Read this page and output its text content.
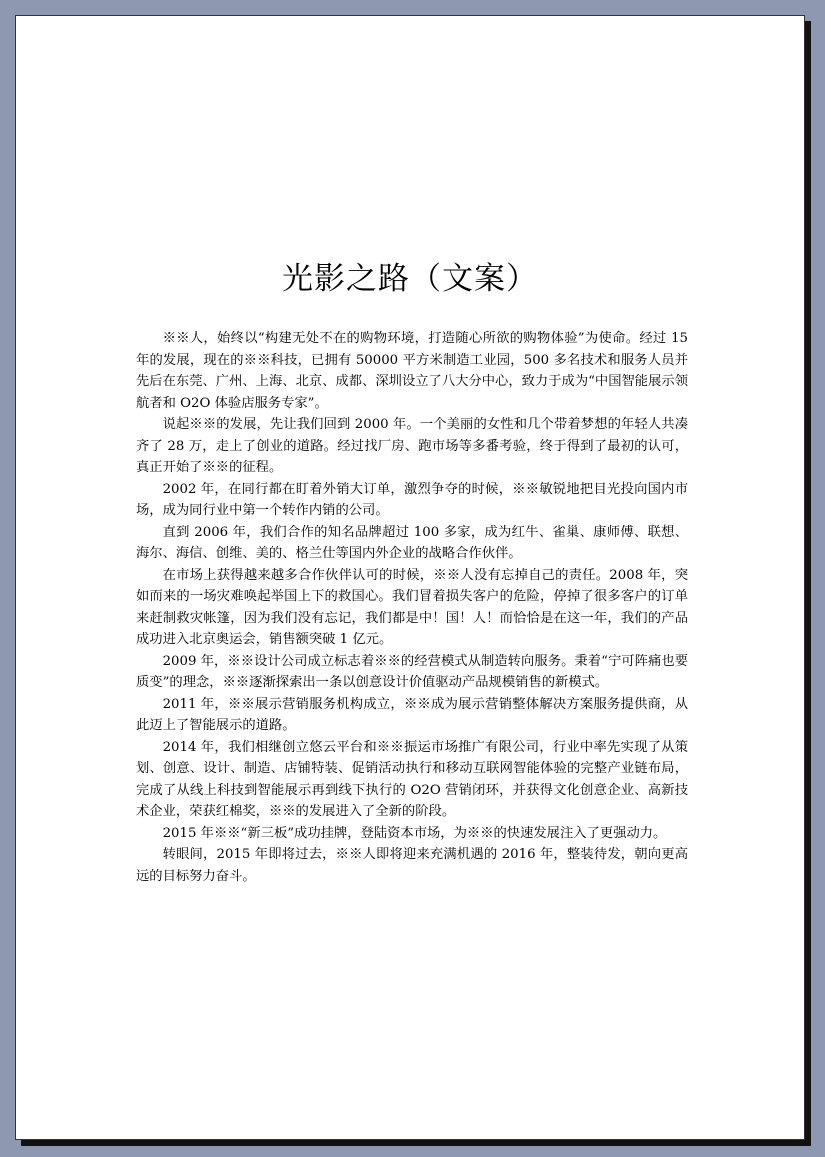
光影之路（文案）

※※人，始终以“构建无处不在的购物环境，打造随心所欲的购物体验”为使命。经过 15 年的发展，现在的※※科技，已拥有 50000 平方米制造工业园，500 多名技术和服务人员并先后在东莞、广州、上海、北京、成都、深圳设立了八大分中心，致力于成为“中国智能展示领航者和 O2O 体验店服务专家”。

说起※※的发展，先让我们回到 2000 年。一个美丽的女性和几个带着梦想的年轻人共凑齐了 28 万，走上了创业的道路。经过找厂房、跑市场等多番考验，终于得到了最初的认可，真正开始了※※的征程。

2002 年，在同行都在盯着外销大订单，激烈争夺的时候，※※敏锐地把目光投向国内市场，成为同行业中第一个转作内销的公司。

直到 2006 年，我们合作的知名品牌超过 100 多家，成为红牛、雀巢、康师傅、联想、海尔、海信、创维、美的、格兰仕等国内外企业的战略合作伙伴。

在市场上获得越来越多合作伙伴认可的时候，※※人没有忘掉自己的责任。2008 年，突如而来的一场灾难唤起举国上下的救国心。我们冒着损失客户的危险，停掉了很多客户的订单来赶制救灾帐篷，因为我们没有忘记，我们都是中！国！人！而恰恰是在这一年，我们的产品成功进入北京奥运会，销售额突破 1 亿元。

2009 年，※※设计公司成立标志着※※的经营模式从制造转向服务。秉着“宁可阵痛也要质变”的理念，※※逐渐探索出一条以创意设计价值驱动产品规模销售的新模式。

2011 年，※※展示营销服务机构成立，※※成为展示营销整体解决方案服务提供商，从此迈上了智能展示的道路。

2014 年，我们相继创立悠云平台和※※振运市场推广有限公司，行业中率先实现了从策划、创意、设计、制造、店铺特装、促销活动执行和移动互联网智能体验的完整产业链布局，完成了从线上科技到智能展示再到线下执行的 O2O 营销闭环，并获得文化创意企业、高新技术企业，荣获红棉奖，※※的发展进入了全新的阶段。

2015 年※※“新三板”成功挂牌，登陆资本市场，为※※的快速发展注入了更强动力。

转眼间，2015 年即将过去，※※人即将迎来充满机遇的 2016 年，整装待发，朝向更高远的目标努力奋斗。
